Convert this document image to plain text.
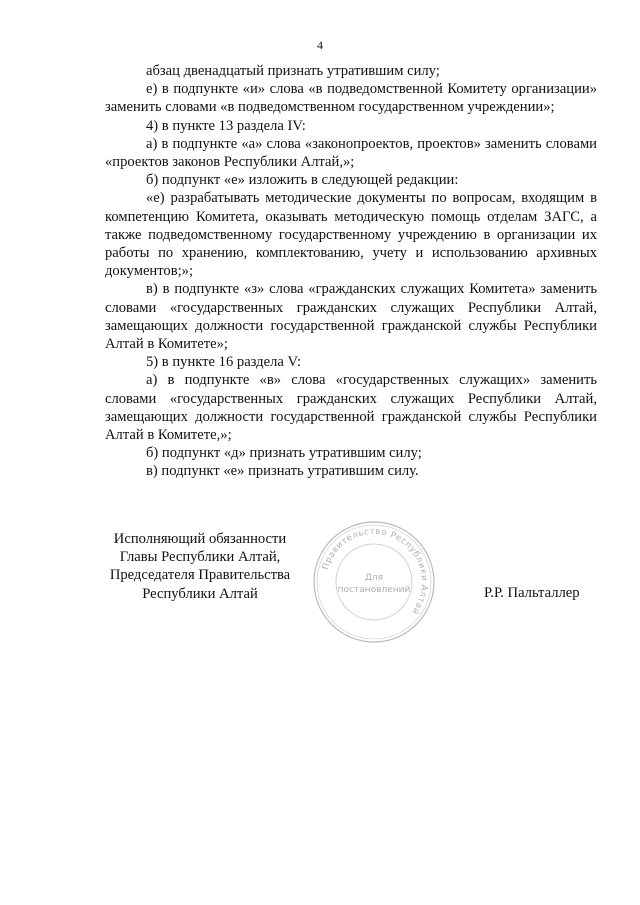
4

абзац двенадцатый признать утратившим силу;

е) в подпункте «и» слова «в подведомственной Комитету организации» заменить словами «в подведомственном государственном учреждении»;

4) в пункте 13 раздела IV:

а) в подпункте «а» слова «законопроектов, проектов» заменить словами «проектов законов Республики Алтай,»;

б) подпункт «е» изложить в следующей редакции:

«е) разрабатывать методические документы по вопросам, входящим в компетенцию Комитета, оказывать методическую помощь отделам ЗАГС, а также подведомственному государственному учреждению в организации их работы по хранению, комплектованию, учету и использованию архивных документов;»;

в) в подпункте «з» слова «гражданских служащих Комитета» заменить словами «государственных гражданских служащих Республики Алтай, замещающих должности государственной гражданской службы Республики Алтай в Комитете»;

5) в пункте 16 раздела V:

а) в подпункте «в» слова «государственных служащих» заменить словами «государственных гражданских служащих Республики Алтай, замещающих должности государственной гражданской службы Республики Алтай в Комитете,»;

б) подпункт «д» признать утратившим силу;

в) подпункт «е» признать утратившим силу.

Исполняющий обязанности
Главы Республики Алтай,
Председателя Правительства
Республики Алтай
Правительство Республики Алтай
Для
постановлений	Р.Р. Пальталлер
